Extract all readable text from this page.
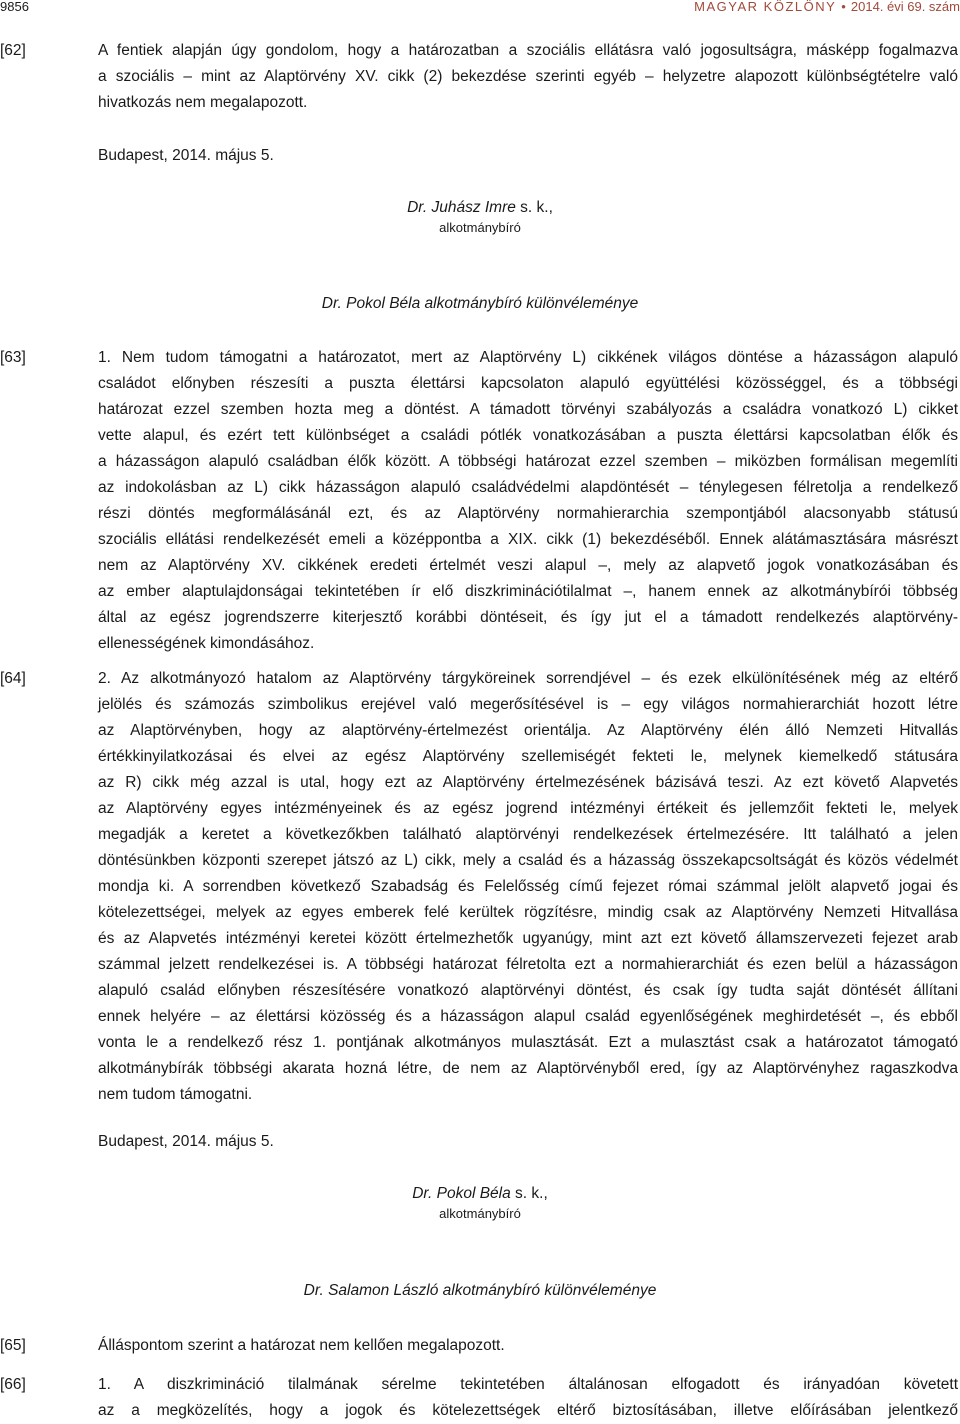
9856	MAGYAR KÖZLÖNY • 2014. évi 69. szám
[62]	A fentiek alapján úgy gondolom, hogy a határozatban a szociális ellátásra való jogosultságra, másképp fogalmazva
a szociális – mint az Alaptörvény XV. cikk (2) bekezdése szerinti egyéb – helyzetre alapozott különbségtételre való
hivatkozás nem megalapozott.
Budapest, 2014. május 5.
Dr. Juhász Imre s. k.,
alkotmánybíró
Dr. Pokol Béla alkotmánybíró különvéleménye
[63]	1. Nem tudom támogatni a határozatot, mert az Alaptörvény L) cikkének világos döntése a házasságon alapuló
családot előnyben részesíti a puszta élettársi kapcsolaton alapuló együttélési közösséggel, és a többségi
határozat ezzel szemben hozta meg a döntést. A támadott törvényi szabályozás a családra vonatkozó L) cikket
vette alapul, és ezért tett különbséget a családi pótlék vonatkozásában a puszta élettársi kapcsolatban élők és
a házasságon alapuló családban élők között. A többségi határozat ezzel szemben – miközben formálisan megemlíti
az indokolásban az L) cikk házasságon alapuló családvédelmi alapdöntését – ténylegesen félretolja a rendelkező
részi döntés megformálásánál ezt, és az Alaptörvény normahierarchia szempontjából alacsonyabb státusú
szociális ellátási rendelkezését emeli a középpontba a XIX. cikk (1) bekezdéséből. Ennek alátámasztására másrészt
nem az Alaptörvény XV. cikkének eredeti értelmét veszi alapul –, mely az alapvető jogok vonatkozásában és
az ember alaptulajdonságai tekintetében ír elő diszkriminációtilalmat –, hanem ennek az alkotmánybírói többség
által az egész jogrendszerre kiterjesztő korábbi döntéseit, és így jut el a támadott rendelkezés alaptörvény-
ellenességének kimondásához.
[64]	2. Az alkotmányozó hatalom az Alaptörvény tárgyköreinek sorrendjével – és ezek elkülönítésének még az eltérő
jelölés és számozás szimbolikus erejével való megerősítésével is – egy világos normahierarchiát hozott létre
az Alaptörvényben, hogy az alaptörvény-értelmezést orientálja. Az Alaptörvény élén álló Nemzeti Hitvallás
értékkinyilatkozásai és elvei az egész Alaptörvény szellemiségét fekteti le, melynek kiemelkedő státusára
az R) cikk még azzal is utal, hogy ezt az Alaptörvény értelmezésének bázisává teszi. Az ezt követő Alapvetés
az Alaptörvény egyes intézményeinek és az egész jogrend intézményi értékeit és jellemzőit fekteti le, melyek
megadják a keretet a következőkben található alaptörvényi rendelkezések értelmezésére. Itt található a jelen
döntésünkben központi szerepet játszó az L) cikk, mely a család és a házasság összekapcsoltságát és közös védelmét
mondja ki. A sorrendben következő Szabadság és Felelősség című fejezet római számmal jelölt alapvető jogai és
kötelezettségei, melyek az egyes emberek felé kerültek rögzítésre, mindig csak az Alaptörvény Nemzeti Hitvallása
és az Alapvetés intézményi keretei között értelmezhetők ugyanúgy, mint azt ezt követő államszervezeti fejezet arab
számmal jelzett rendelkezései is. A többségi határozat félretolta ezt a normahierarchiát és ezen belül a házasságon
alapuló család előnyben részesítésére vonatkozó alaptörvényi döntést, és csak így tudta saját döntését állítani
ennek helyére – az élettársi közösség és a házasságon alapul család egyenlőségének meghirdetését –, és ebből
vonta le a rendelkező rész 1. pontjának alkotmányos mulasztását. Ezt a mulasztást csak a határozatot támogató
alkotmánybírák többségi akarata hozná létre, de nem az Alaptörvényből ered, így az Alaptörvényhez ragaszkodva
nem tudom támogatni.
Budapest, 2014. május 5.
Dr. Pokol Béla s. k.,
alkotmánybíró
Dr. Salamon László alkotmánybíró különvéleménye
[65]	Álláspontom szerint a határozat nem kellően megalapozott.
[66]	1. A diszkrimináció tilalmának sérelme tekintetében általánosan elfogadott és irányadóan követett
az a megközelítés, hogy a jogok és kötelezettségek eltérő biztosításában, illetve előírásában jelentkező
